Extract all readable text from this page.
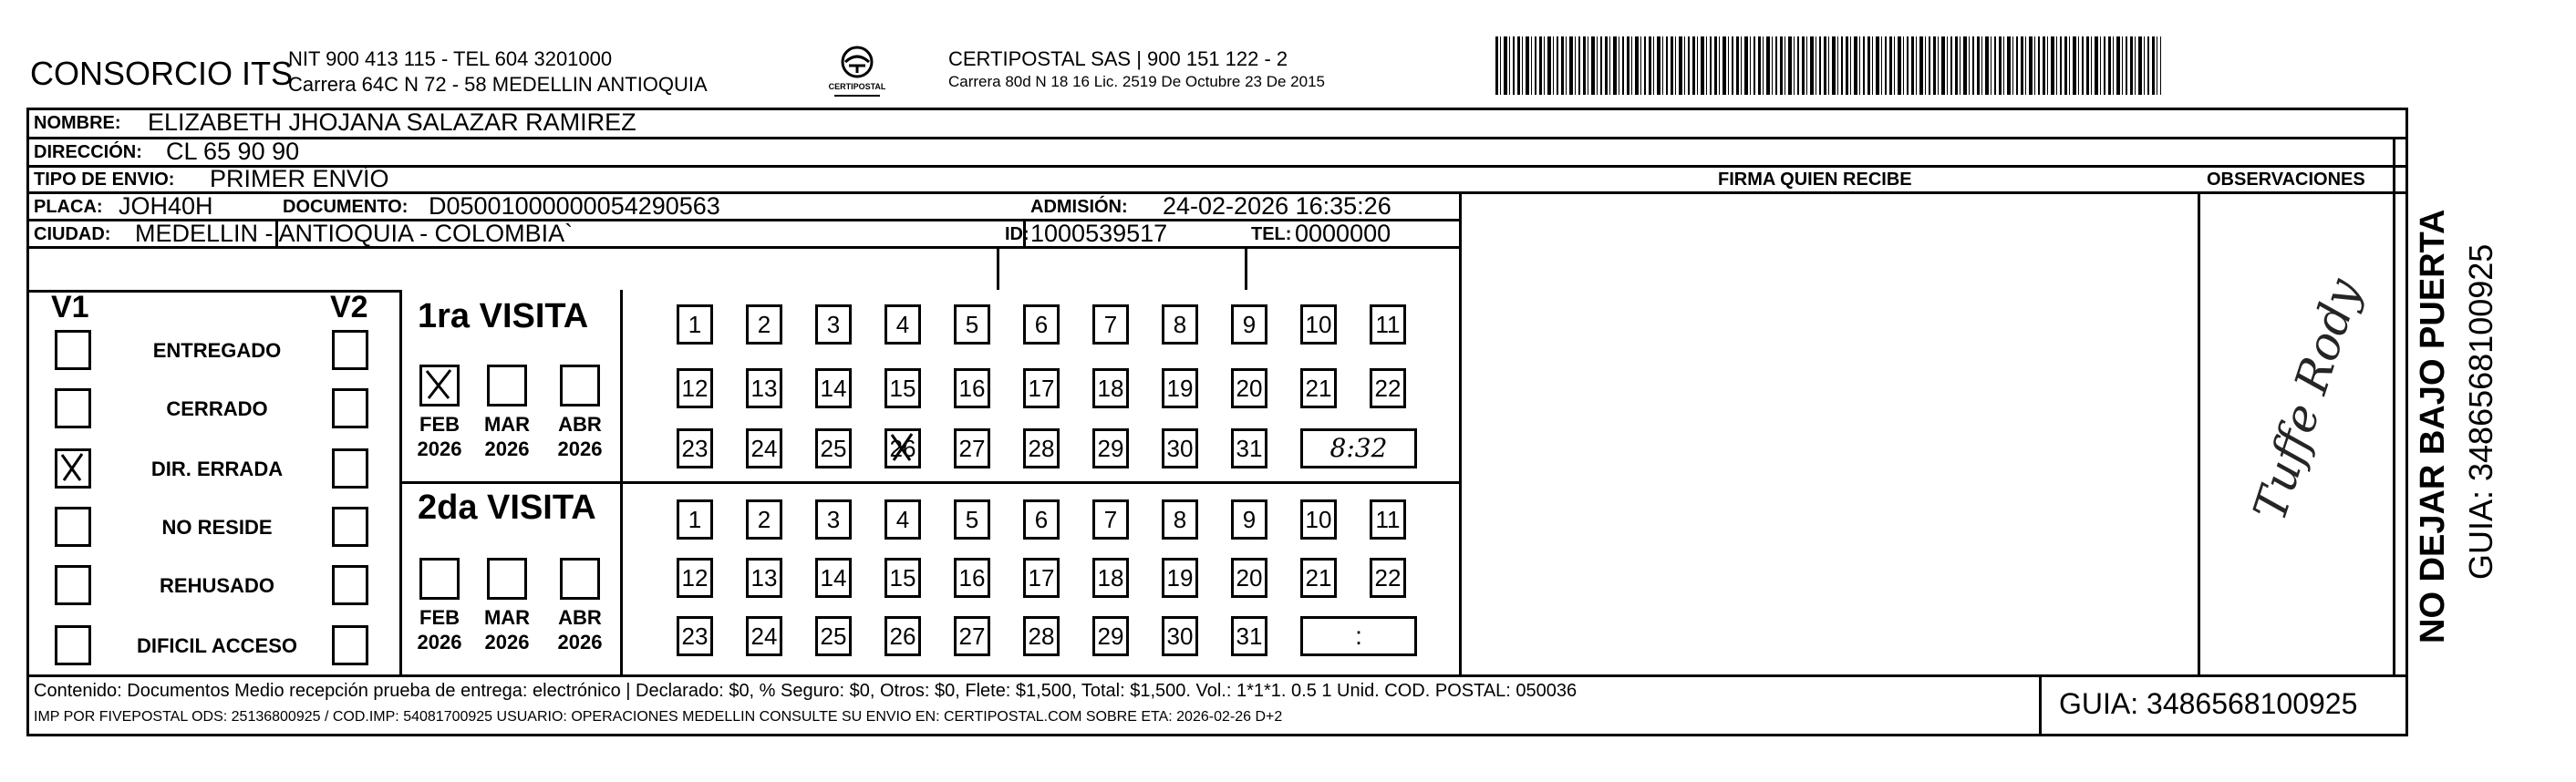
CONSORCIO ITS
NIT 900 413 115 - TEL 604 3201000
Carrera 64C N 72 - 58 MEDELLIN ANTIOQUIA	CERTIPOSTAL
CERTIPOSTAL SAS | 900 151 122 - 2
Carrera 80d N 18 16 Lic. 2519 De Octubre 23 De 2015
NOMBRE: ELIZABETH JHOJANA SALAZAR RAMIREZ
DIRECCIÓN: CL 65 90 90
TIPO DE ENVIO: PRIMER ENVÍO	FIRMA QUIEN RECIBE	OBSERVACIONES
PLACA: JOH40H	DOCUMENTO: D05001000000054290563	ADMISIÓN: 24-02-2026 16:35:26
CIUDAD: MEDELLIN - ANTIOQUIA - COLOMBIA`	ID: 1000539517	TEL: 0000000
V1	V2
ENTREGADO
CERRADO
DIR. ERRADA
NO RESIDE
REHUSADO
DIFICIL ACCESO
1ra VISITA
FEB
2026
MAR
2026
ABR
2026
2da VISITA
FEB
2026
MAR
2026
ABR
2026
1	2	3	4	5	6	7	8	9	10 11
12 13 14 15 16 17 18 19 20 21 22
23 24 25 26 27 28 29 30 31	8:32
1	2	3	4	5	6	7	8	9	10 11
12 13 14 15 16 17 18 19 20 21 22
23 24 25 26 27 28 29 30 31	:
Tuffe Rody
Contenido: Documentos Medio recepción prueba de entrega: electrónico | Declarado: $0, % Seguro: $0, Otros: $0, Flete: $1,500, Total: $1,500. Vol.: 1*1*1. 0.5 1 Unid. COD. POSTAL: 050036
IMP POR FIVEPOSTAL ODS: 25136800925 / COD.IMP: 54081700925 USUARIO: OPERACIONES MEDELLIN CONSULTE SU ENVIO EN: CERTIPOSTAL.COM SOBRE ETA: 2026-02-26 D+2	GUIA: 3486568100925
NO DEJAR BAJO PUERTA GUIA: 3486568100925
